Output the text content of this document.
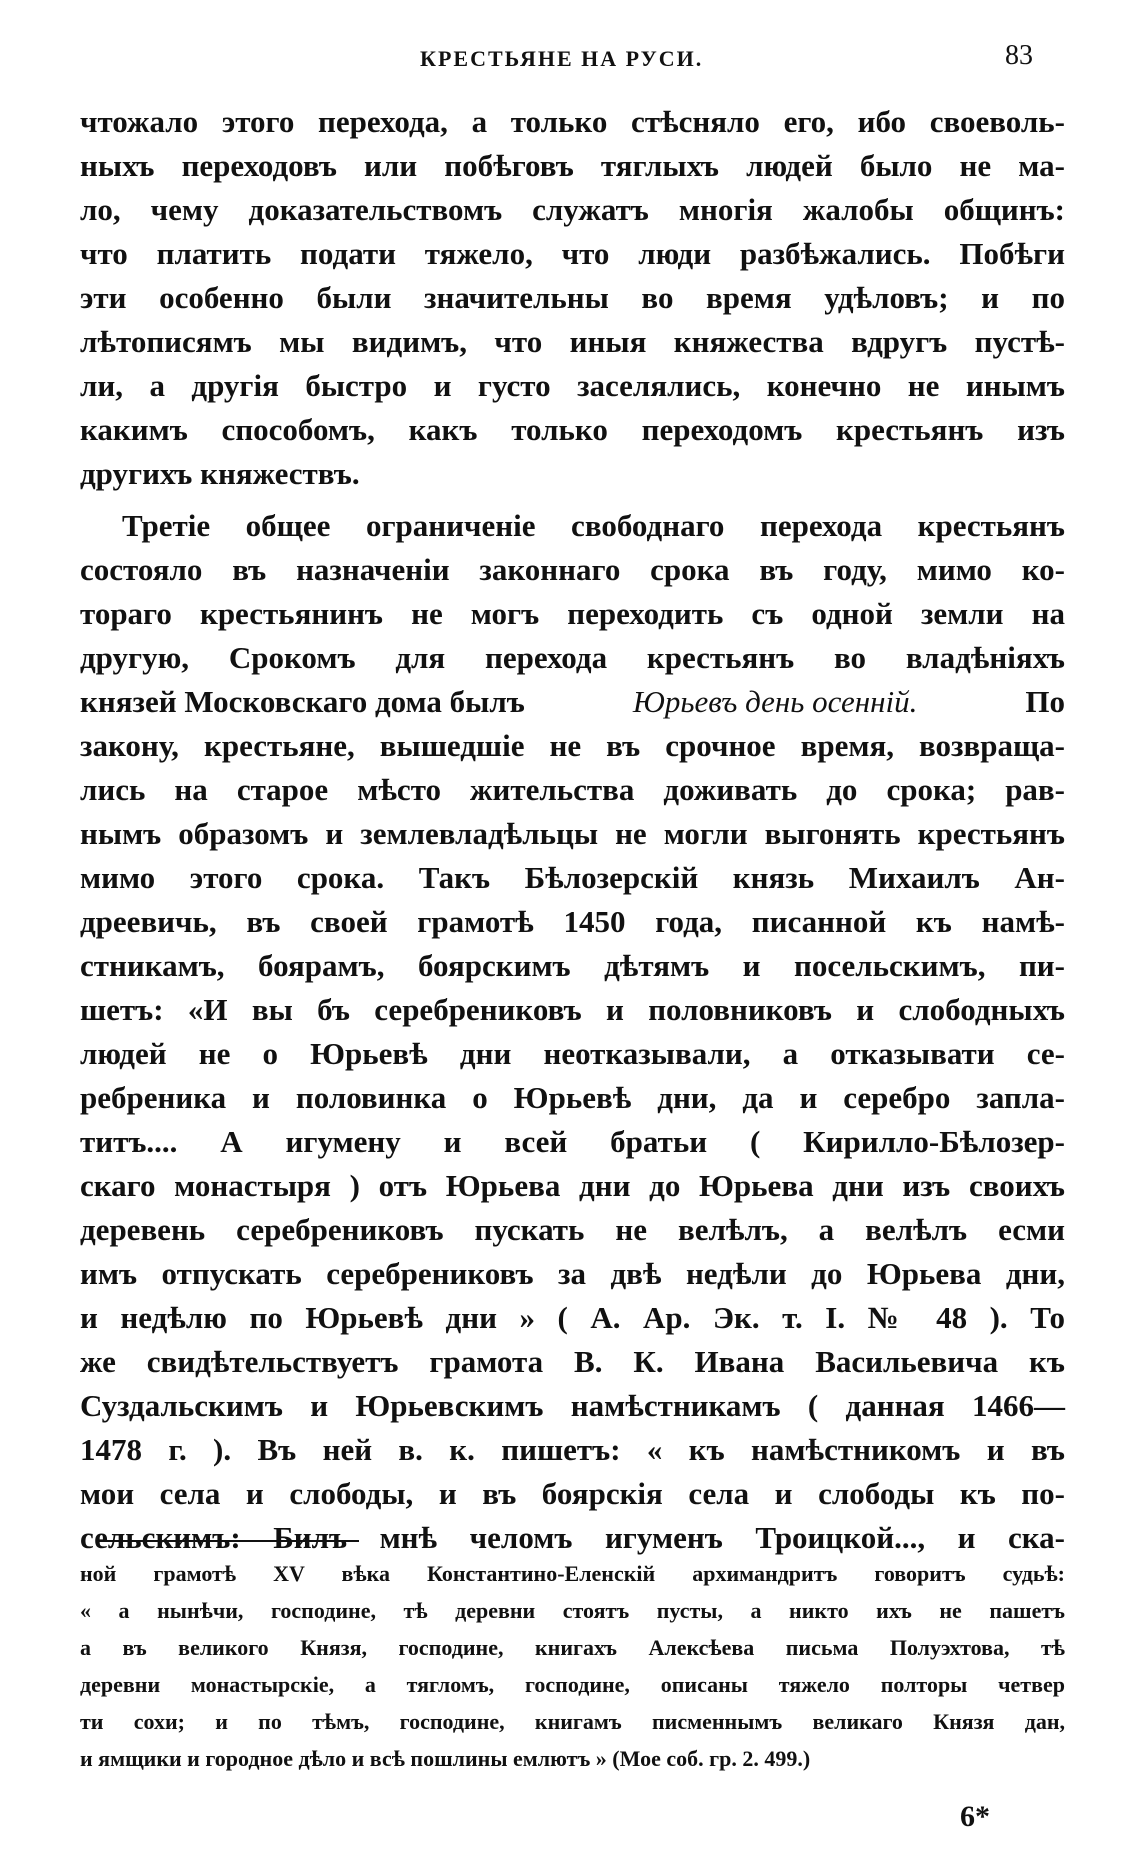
КРЕСТЬЯНЕ НА РУСИ.	83
чтожало этого перехода, а только стѣсняло его, ибо своеволь-
ныхъ переходовъ или побѣговъ тяглыхъ людей было не ма-
ло, чему доказательствомъ служатъ многія жалобы общинъ:
что платить подати тяжело, что люди разбѣжались. Побѣги
эти особенно были значительны во время удѣловъ; и по
лѣтописямъ мы видимъ, что иныя княжества вдругъ пустѣ-
ли, а другія быстро и густо заселялись, конечно не инымъ
какимъ способомъ, какъ только переходомъ крестьянъ изъ
другихъ княжествъ.
Третіе общее ограниченіе свободнаго перехода крестьянъ
состояло въ назначеніи законнаго срока въ году, мимо ко-
тораго крестьянинъ не могъ переходить съ одной земли на
другую, Срокомъ для перехода крестьянъ во владѣніяхъ
князей Московскаго дома былъ	Юрьевъ день осенній.	По
закону, крестьяне, вышедшіе не въ срочное время, возвраща-
лись на старое мѣсто жительства доживать до срока; рав-
нымъ образомъ и землевладѣльцы не могли выгонять крестьянъ
мимо этого срока. Такъ Бѣлозерскій князь Михаилъ Ан-
дреевичь, въ своей грамотѣ 1450 года, писанной къ намѣ-
стникамъ, боярамъ, боярскимъ дѣтямъ и посельскимъ, пи-
шетъ: «И вы бъ серебрениковъ и половниковъ и слободныхъ
людей не о Юрьевѣ дни неотказывали, а отказывати се-
ребреника и половинка о Юрьевѣ дни, да и серебро запла-
титъ.... А игумену и всей братьи ( Кирилло-Бѣлозер-
скаго монастыря ) отъ Юрьева дни до Юрьева дни изъ своихъ
деревень серебрениковъ пускать не велѣлъ, а велѣлъ есми
имъ отпускать серебрениковъ за двѣ недѣли до Юрьева дни,
и недѣлю по Юрьевѣ дни » ( А. Ар. Эк. т. I. № 48 ). То
же свидѣтельствуетъ грамота В. К. Ивана Васильевича къ
Суздальскимъ и Юрьевскимъ намѣстникамъ ( данная 1466—
1478 г. ). Въ ней в. к. пишетъ: « къ намѣстникомъ и въ
мои села и слободы, и въ боярскія села и слободы къ по-
сельскимъ: Билъ мнѣ челомъ игуменъ Троицкой..., и ска-
ной грамотѣ XV вѣка Константино-Еленскій архимандритъ говоритъ судьѣ:
« а нынѣчи, господине, тѣ деревни стоятъ пусты, а никто ихъ не пашетъ
а въ великого Князя, господине, книгахъ Алексѣева письма Полуэхтова, тѣ
деревни монастырскіе, а тягломъ, господине, описаны тяжело полторы четвер
ти сохи; и по тѣмъ, господине, книгамъ писменнымъ великаго Князя дан,
и ямщики и городное дѣло и всѣ пошлины емлютъ » (Мое соб. гр. 2. 499.)
6*
